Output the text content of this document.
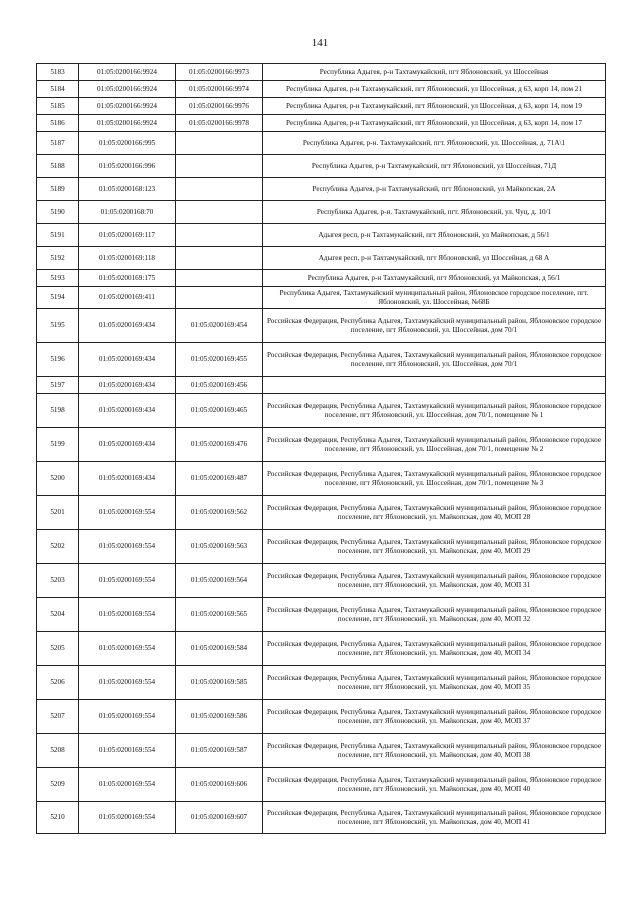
141
5183	01:05:0200166:9924	01:05:0200166:9973	Республика Адыгея, р-н Тахтамукайский, пгт Яблоновский, ул Шоссейная
5184	01:05:0200166:9924	01:05:0200166:9974	Республика Адыгея, р-н Тахтамукайский, пгт Яблоновский, ул Шоссейная, д 63, корп 14, пом 21
5185	01:05:0200166:9924	01:05:0200166:9976	Республика Адыгея, р-н Тахтамукайский, пгт Яблоновский, ул Шоссейная, д 63, корп 14, пом 19
5186	01:05:0200166:9924	01:05:0200166:9978	Республика Адыгея, р-н Тахтамукайский, пгт Яблоновский, ул Шоссейная, д 63, корп 14, пом 17
5187	01:05:0200166:995		Республика Адыгея, р-н. Тахтамукайский, пгт. Яблоновский, ул. Шоссейная, д. 71А\1
5188	01:05:0200166:996		Республика Адыгея, р-н Тахтамукайский, пгт Яблоновский, ул Шоссейная, 71Д
5189	01:05:0200168:123		Республика Адыгея, р-н Тахтамукайский, пгт Яблоновский, ул Майкопская, 2А
5190	01:05:0200168:70		Республика Адыгея, р-н. Тахтамукайский, пгт. Яблоновский, ул. Чуц, д. 10/1
5191	01:05:0200169:117		Адыгея респ, р-н Тахтамукайский, пгт Яблоновский, ул Майкопская, д 56/1
5192	01:05:0200169:118		Адыгея респ, р-н Тахтамукайский, пгт Яблоновский, ул Шоссейная, д 68 А
5193	01:05:0200169:175		Республика Адыгея, р-н Тахтамукайский, пгт Яблоновский, ул Майкопская, д 56/1
5194	01:05:0200169:411		Республика Адыгея, Тахтамукайский муниципальный район, Яблоновское городское поселение, пгт. Яблоновский, ул. Шоссейная, №68Б
5195	01:05:0200169:434	01:05:0200169:454	Российская Федерация, Республика Адыгея, Тахтамукайский муниципальный район, Яблоновское городское поселение, пгт Яблоновский, ул. Шоссейная, дом 70/1
5196	01:05:0200169:434	01:05:0200169:455	Российская Федерация, Республика Адыгея, Тахтамукайский муниципальный район, Яблоновское городское поселение, пгт Яблоновский, ул. Шоссейная, дом 70/1
5197	01:05:0200169:434	01:05:0200169:456	
5198	01:05:0200169:434	01:05:0200169:465	Российская Федерация, Республика Адыгея, Тахтамукайский муниципальный район, Яблоновское городское поселение, пгт Яблоновский, ул. Шоссейная, дом 70/1, помещение № 1
5199	01:05:0200169:434	01:05:0200169:476	Российская Федерация, Республика Адыгея, Тахтамукайский муниципальный район, Яблоновское городское поселение, пгт Яблоновский, ул. Шоссейная, дом 70/1, помещение № 2
5200	01:05:0200169:434	01:05:0200169:487	Российская Федерация, Республика Адыгея, Тахтамукайский муниципальный район, Яблоновское городское поселение, пгт Яблоновский, ул. Шоссейная, дом 70/1, помещение № 3
5201	01:05:0200169:554	01:05:0200169:562	Российская Федерация, Республика Адыгея, Тахтамукайский муниципальный район, Яблоновское городское поселение, пгт Яблоновский, ул. Майкопская, дом 40, МОП 28
5202	01:05:0200169:554	01:05:0200169:563	Российская Федерация, Республика Адыгея, Тахтамукайский муниципальный район, Яблоновское городское поселение, пгт Яблоновский, ул. Майкопская, дом 40, МОП 29
5203	01:05:0200169:554	01:05:0200169:564	Российская Федерация, Республика Адыгея, Тахтамукайский муниципальный район, Яблоновское городское поселение, пгт Яблоновский, ул. Майкопская, дом 40, МОП 31
5204	01:05:0200169:554	01:05:0200169:565	Российская Федерация, Республика Адыгея, Тахтамукайский муниципальный район, Яблоновское городское поселение, пгт Яблоновский, ул. Майкопская, дом 40, МОП 32
5205	01:05:0200169:554	01:05:0200169:584	Российская Федерация, Республика Адыгея, Тахтамукайский муниципальный район, Яблоновское городское поселение, пгт Яблоновский, ул. Майкопская, дом 40, МОП 34
5206	01:05:0200169:554	01:05:0200169:585	Российская Федерация, Республика Адыгея, Тахтамукайский муниципальный район, Яблоновское городское поселение, пгт Яблоновский, ул. Майкопская, дом 40, МОП 35
5207	01:05:0200169:554	01:05:0200169:586	Российская Федерация, Республика Адыгея, Тахтамукайский муниципальный район, Яблоновское городское поселение, пгт Яблоновский, ул. Майкопская, дом 40, МОП 37
5208	01:05:0200169:554	01:05:0200169:587	Российская Федерация, Республика Адыгея, Тахтамукайский муниципальный район, Яблоновское городское поселение, пгт Яблоновский, ул. Майкопская, дом 40, МОП 38
5209	01:05:0200169:554	01:05:0200169:606	Российская Федерация, Республика Адыгея, Тахтамукайский муниципальный район, Яблоновское городское поселение, пгт Яблоновский, ул. Майкопская, дом 40, МОП 40
5210	01:05:0200169:554	01:05:0200169:607	Российская Федерация, Республика Адыгея, Тахтамукайский муниципальный район, Яблоновское городское поселение, пгт Яблоновский, ул. Майкопская, дом 40, МОП 41
